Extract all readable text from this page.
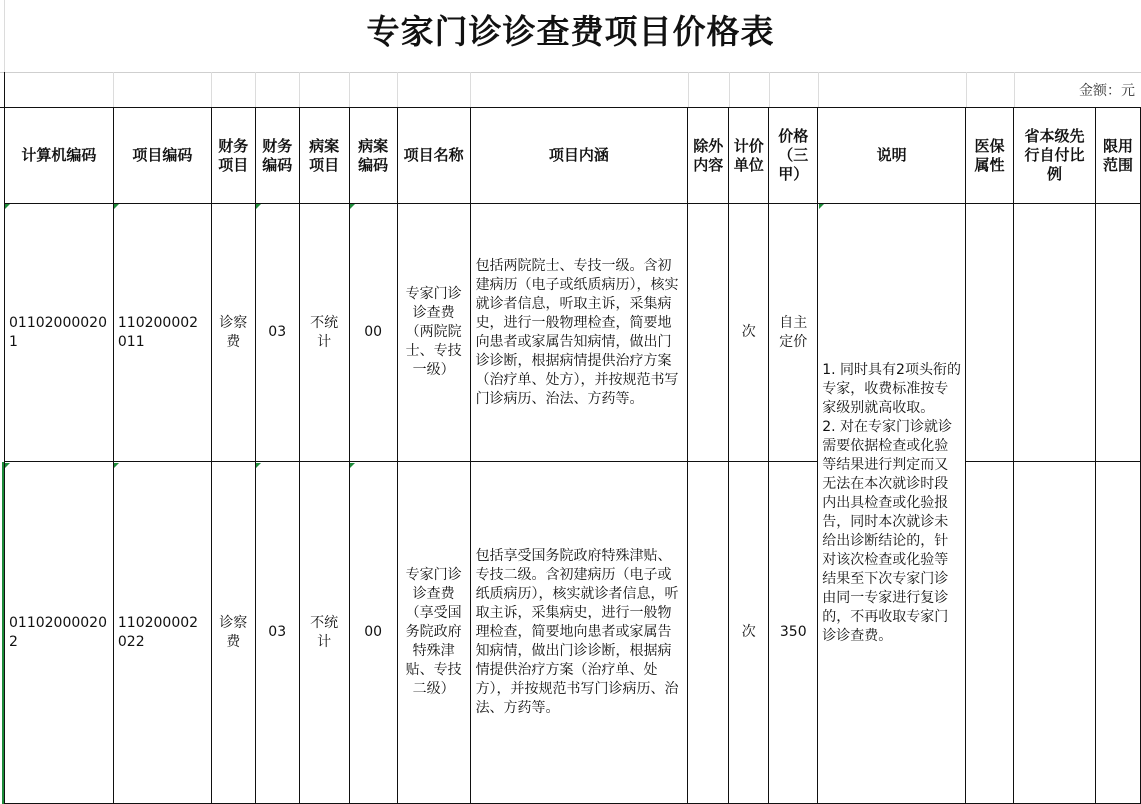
专家门诊诊查费项目价格表
金额：元
计算机编码	项目编码	财务项目	财务编码	病案项目	病案编码	项目名称	项目内涵	除外内容	计价单位	价格（三甲）	说明	医保属性	省本级先行自付比例	限用范围
011020000201	110200002011	诊察费	03	不统计	00	专家门诊诊查费（两院院士、专技一级）	包括两院院士、专技一级。含初建病历（电子或纸质病历），核实就诊者信息，听取主诉，采集病史，进行一般物理检查，简要地向患者或家属告知病情，做出门诊诊断，根据病情提供治疗方案（治疗单、处方），并按规范书写门诊病历、治法、方药等。		次	自主定价	1. 同时具有2项头衔的专家，收费标准按专家级别就高收取。
2. 对在专家门诊就诊需要依据检查或化验等结果进行判定而又无法在本次就诊时段内出具检查或化验报告，同时本次就诊未给出诊断结论的，针对该次检查或化验等结果至下次专家门诊由同一专家进行复诊的，不再收取专家门诊诊查费。			
011020000202	110200002022	诊察费	03	不统计	00	专家门诊诊查费（享受国务院政府特殊津贴、专技二级）	包括享受国务院政府特殊津贴、专技二级。含初建病历（电子或纸质病历），核实就诊者信息，听取主诉，采集病史，进行一般物理检查，简要地向患者或家属告知病情，做出门诊诊断，根据病情提供治疗方案（治疗单、处方），并按规范书写门诊病历、治法、方药等。		次	350				
